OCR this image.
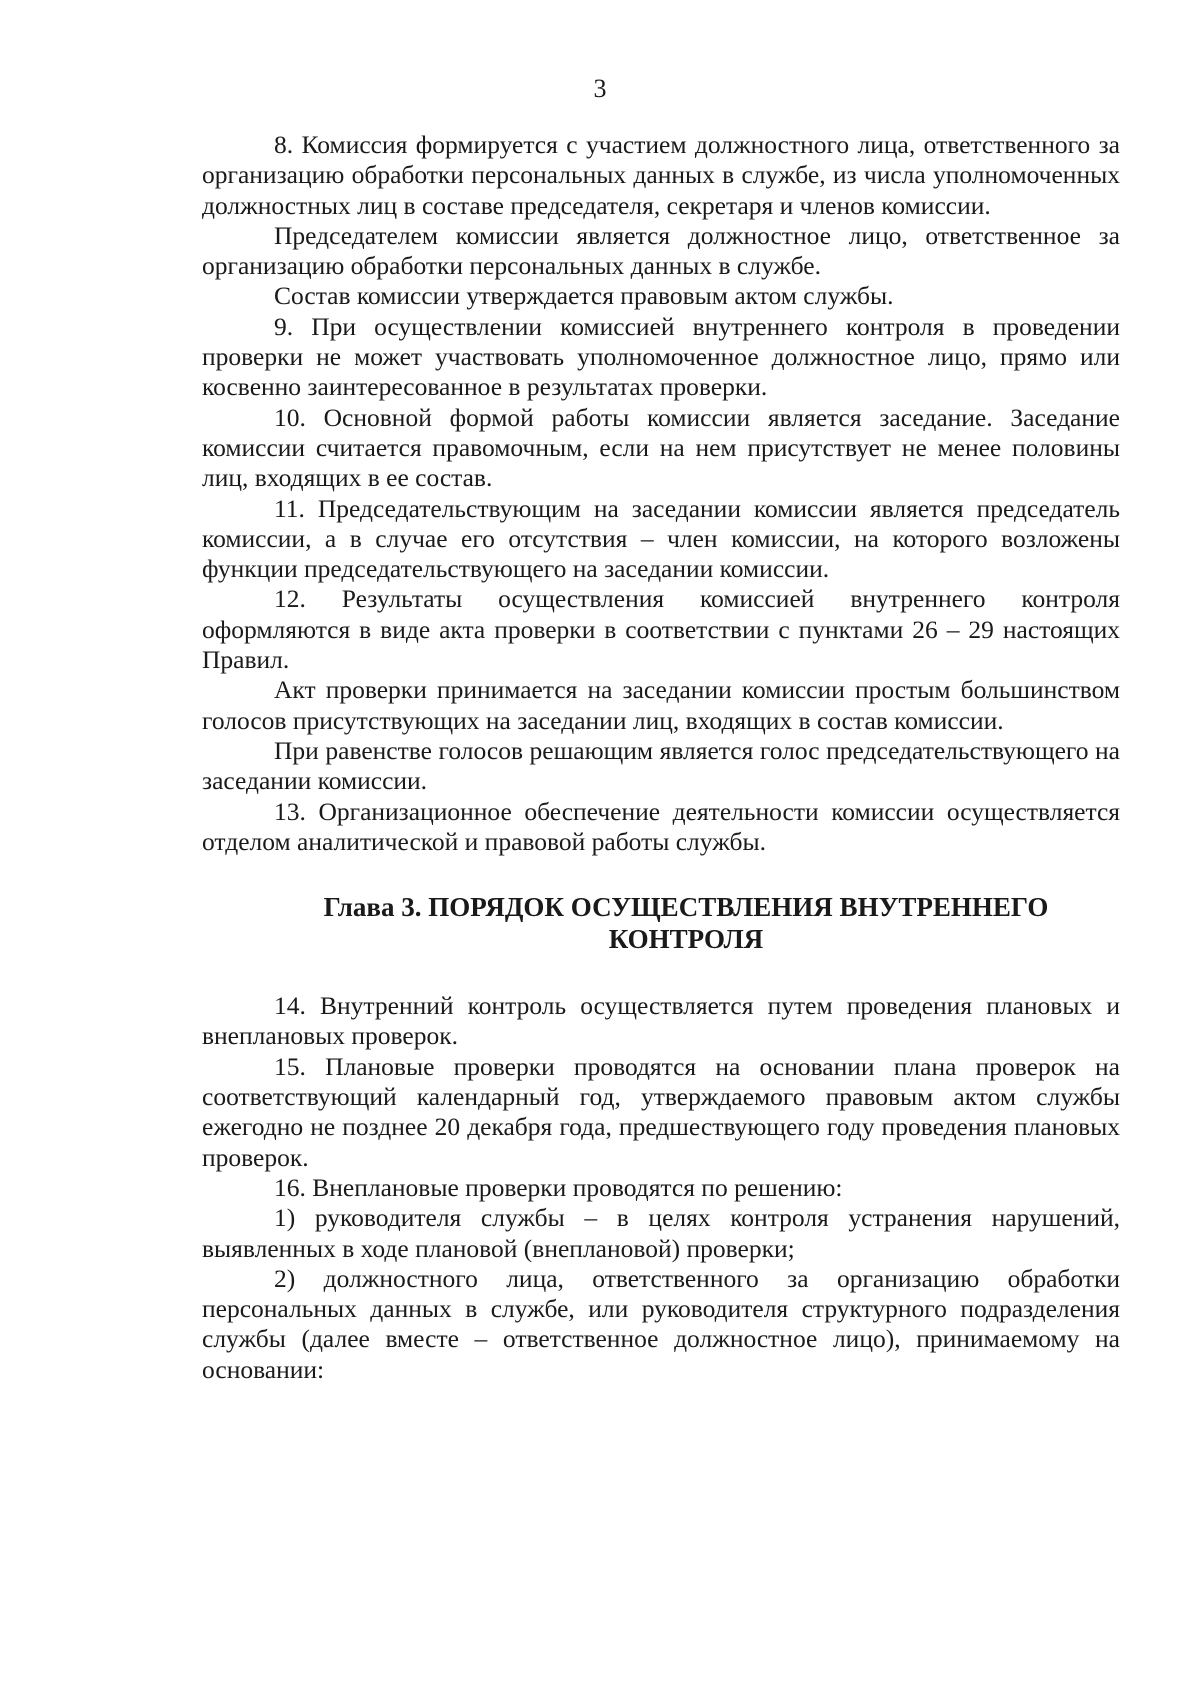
3

8. Комиссия формируется с участием должностного лица, ответственного за организацию обработки персональных данных в службе, из числа уполномоченных должностных лиц в составе председателя, секретаря и членов комиссии.

Председателем комиссии является должностное лицо, ответственное за организацию обработки персональных данных в службе.

Состав комиссии утверждается правовым актом службы.

9. При осуществлении комиссией внутреннего контроля в проведении проверки не может участвовать уполномоченное должностное лицо, прямо или косвенно заинтересованное в результатах проверки.

10. Основной формой работы комиссии является заседание. Заседание комиссии считается правомочным, если на нем присутствует не менее половины лиц, входящих в ее состав.

11. Председательствующим на заседании комиссии является председатель комиссии, а в случае его отсутствия – член комиссии, на которого возложены функции председательствующего на заседании комиссии.

12. Результаты осуществления комиссией внутреннего контроля оформляются в виде акта проверки в соответствии с пунктами 26 – 29 настоящих Правил.

Акт проверки принимается на заседании комиссии простым большинством голосов присутствующих на заседании лиц, входящих в состав комиссии.

При равенстве голосов решающим является голос председательствующего на заседании комиссии.

13. Организационное обеспечение деятельности комиссии осуществляется отделом аналитической и правовой работы службы.

Глава 3. ПОРЯДОК ОСУЩЕСТВЛЕНИЯ ВНУТРЕННЕГО КОНТРОЛЯ

14. Внутренний контроль осуществляется путем проведения плановых и внеплановых проверок.

15. Плановые проверки проводятся на основании плана проверок на соответствующий календарный год, утверждаемого правовым актом службы ежегодно не позднее 20 декабря года, предшествующего году проведения плановых проверок.

16. Внеплановые проверки проводятся по решению:

1) руководителя службы – в целях контроля устранения нарушений, выявленных в ходе плановой (внеплановой) проверки;

2) должностного лица, ответственного за организацию обработки персональных данных в службе, или руководителя структурного подразделения службы (далее вместе – ответственное должностное лицо), принимаемому на основании:
